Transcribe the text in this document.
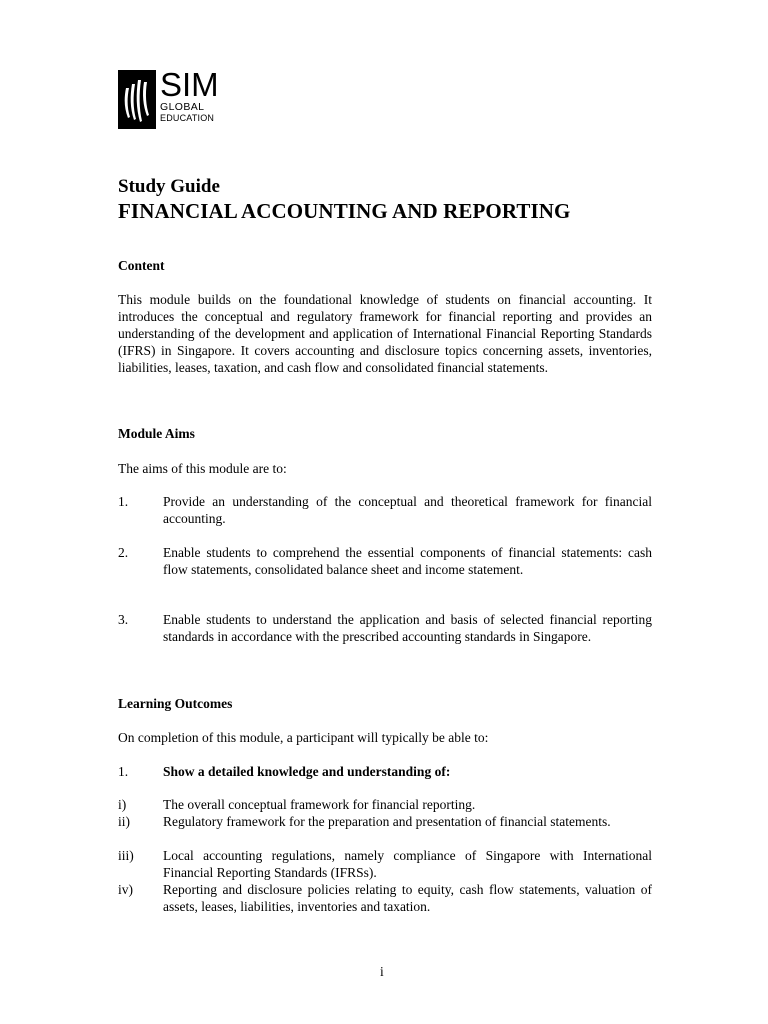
SIM
GLOBAL
EDUCATION
Study Guide
FINANCIAL ACCOUNTING AND REPORTING
Content
This module builds on the foundational knowledge of students on financial accounting. It introduces the conceptual and regulatory framework for financial reporting and provides an understanding of the development and application of International Financial Reporting Standards (IFRS) in Singapore. It covers accounting and disclosure topics concerning assets, inventories, liabilities, leases, taxation, and cash flow and consolidated financial statements.
Module Aims
The aims of this module are to:
1.	Provide an understanding of the conceptual and theoretical framework for financial accounting.
2.	Enable students to comprehend the essential components of financial statements: cash flow statements, consolidated balance sheet and income statement.
3.	Enable students to understand the application and basis of selected financial reporting standards in accordance with the prescribed accounting standards in Singapore.
Learning Outcomes
On completion of this module, a participant will typically be able to:
1.	Show a detailed knowledge and understanding of:
i)	The overall conceptual framework for financial reporting.
ii) Regulatory framework for the preparation and presentation of financial statements.
iii) Local accounting regulations, namely compliance of Singapore with International Financial Reporting Standards (IFRSs).
iv) Reporting and disclosure policies relating to equity, cash flow statements, valuation of assets, leases, liabilities, inventories and taxation.
i
